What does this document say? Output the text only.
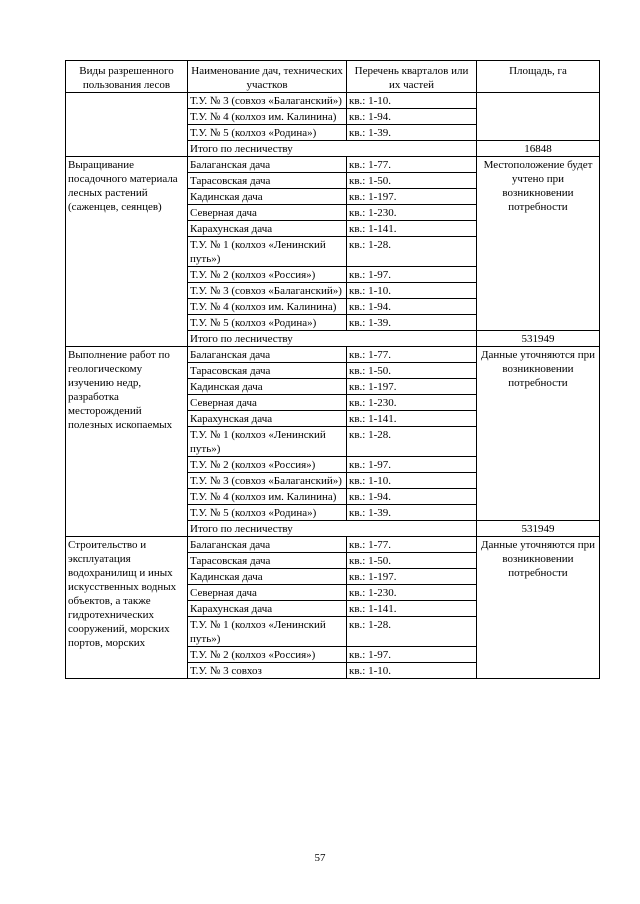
Виды разрешенного пользования лесов	Наименование дач, технических участков	Перечень кварталов или их частей	Площадь, га
	Т.У. № 3 (совхоз «Балаганский»)	кв.: 1-10.	
	Т.У. № 4 (колхоз им. Калинина)	кв.: 1-94.	
	Т.У. № 5 (колхоз «Родина»)	кв.: 1-39.	
	Итого по лесничеству		16848
Выращивание посадочного материала лесных растений (саженцев, сеянцев)	Балаганская дача	кв.: 1-77.	Местоположение будет учтено при возникновении потребности
	Тарасовская дача	кв.: 1-50.	
	Кадинская дача	кв.: 1-197.	
	Северная дача	кв.: 1-230.	
	Карахунская дача	кв.: 1-141.	
	Т.У. № 1 (колхоз «Ленинский путь»)	кв.: 1-28.	
	Т.У. № 2 (колхоз «Россия»)	кв.: 1-97.	
	Т.У. № 3 (совхоз «Балаганский»)	кв.: 1-10.	
	Т.У. № 4 (колхоз им. Калинина)	кв.: 1-94.	
	Т.У. № 5 (колхоз «Родина»)	кв.: 1-39.	
	Итого по лесничеству		531949
Выполнение работ по геологическому изучению недр, разработка месторождений полезных ископаемых	Балаганская дача	кв.: 1-77.	Данные уточняются при возникновении потребности
	Тарасовская дача	кв.: 1-50.	
	Кадинская дача	кв.: 1-197.	
	Северная дача	кв.: 1-230.	
	Карахунская дача	кв.: 1-141.	
	Т.У. № 1 (колхоз «Ленинский путь»)	кв.: 1-28.	
	Т.У. № 2 (колхоз «Россия»)	кв.: 1-97.	
	Т.У. № 3 (совхоз «Балаганский»)	кв.: 1-10.	
	Т.У. № 4 (колхоз им. Калинина)	кв.: 1-94.	
	Т.У. № 5 (колхоз «Родина»)	кв.: 1-39.	
	Итого по лесничеству		531949
Строительство и эксплуатация водохранилищ и иных искусственных водных объектов, а также гидротехнических сооружений, морских портов, морских	Балаганская дача	кв.: 1-77.	Данные уточняются при возникновении потребности
	Тарасовская дача	кв.: 1-50.	
	Кадинская дача	кв.: 1-197.	
	Северная дача	кв.: 1-230.	
	Карахунская дача	кв.: 1-141.	
	Т.У. № 1 (колхоз «Ленинский путь»)	кв.: 1-28.	
	Т.У. № 2 (колхоз «Россия»)	кв.: 1-97.	
	Т.У. № 3 совхоз	кв.: 1-10.	
57
